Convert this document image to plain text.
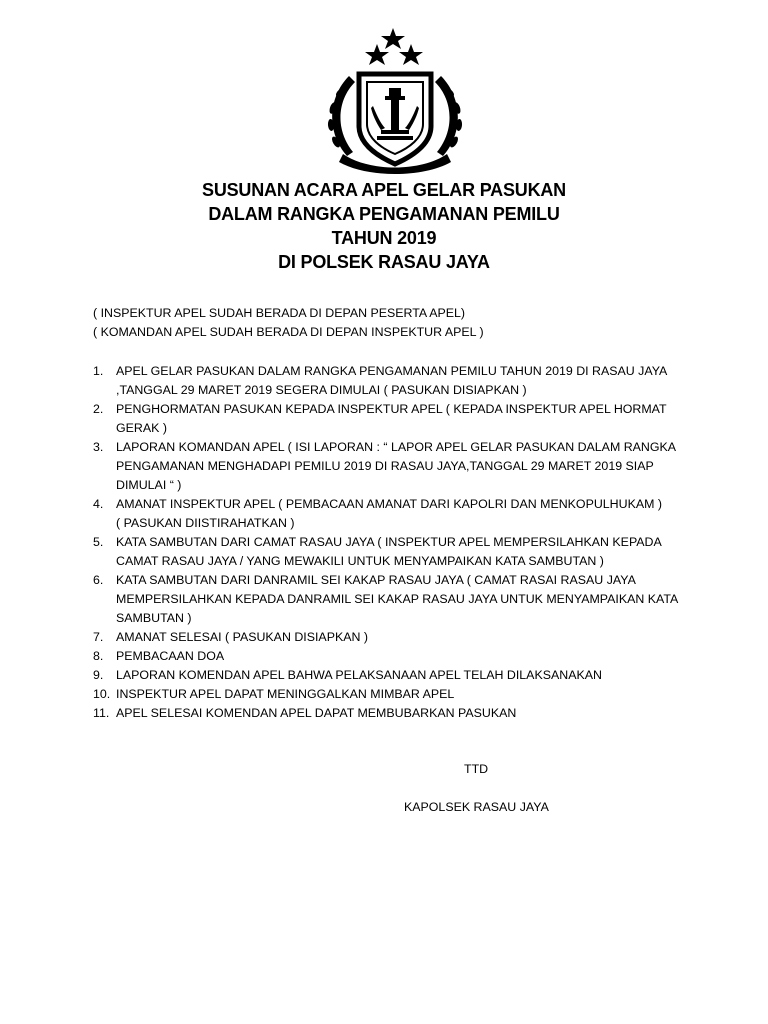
SUSUNAN ACARA APEL GELAR PASUKAN
DALAM RANGKA PENGAMANAN PEMILU
TAHUN 2019
DI POLSEK RASAU JAYA
( INSPEKTUR APEL SUDAH BERADA DI DEPAN PESERTA APEL)
( KOMANDAN APEL SUDAH BERADA DI DEPAN INSPEKTUR APEL )
1. APEL GELAR PASUKAN DALAM RANGKA PENGAMANAN PEMILU TAHUN 2019 DI RASAU JAYA
,TANGGAL 29 MARET 2019 SEGERA DIMULAI ( PASUKAN DISIAPKAN )
2. PENGHORMATAN PASUKAN KEPADA INSPEKTUR APEL ( KEPADA INSPEKTUR APEL HORMAT
GERAK )
3. LAPORAN KOMANDAN APEL ( ISI LAPORAN : “ LAPOR APEL GELAR PASUKAN DALAM RANGKA
PENGAMANAN MENGHADAPI PEMILU 2019 DI RASAU JAYA,TANGGAL 29 MARET 2019 SIAP
DIMULAI “ )
4. AMANAT INSPEKTUR APEL ( PEMBACAAN AMANAT DARI KAPOLRI DAN MENKOPULHUKAM )
( PASUKAN DIISTIRAHATKAN )
5. KATA SAMBUTAN DARI CAMAT RASAU JAYA ( INSPEKTUR APEL MEMPERSILAHKAN KEPADA
CAMAT RASAU JAYA / YANG MEWAKILI UNTUK MENYAMPAIKAN KATA SAMBUTAN )
6. KATA SAMBUTAN DARI DANRAMIL SEI KAKAP RASAU JAYA ( CAMAT RASAI RASAU JAYA
MEMPERSILAHKAN KEPADA DANRAMIL SEI KAKAP RASAU JAYA UNTUK MENYAMPAIKAN KATA
SAMBUTAN )
7. AMANAT SELESAI ( PASUKAN DISIAPKAN )
8. PEMBACAAN DOA
9. LAPORAN KOMENDAN APEL BAHWA PELAKSANAAN APEL TELAH DILAKSANAKAN
10. INSPEKTUR APEL DAPAT MENINGGALKAN MIMBAR APEL
11. APEL SELESAI KOMENDAN APEL DAPAT MEMBUBARKAN PASUKAN
TTD
KAPOLSEK RASAU JAYA
